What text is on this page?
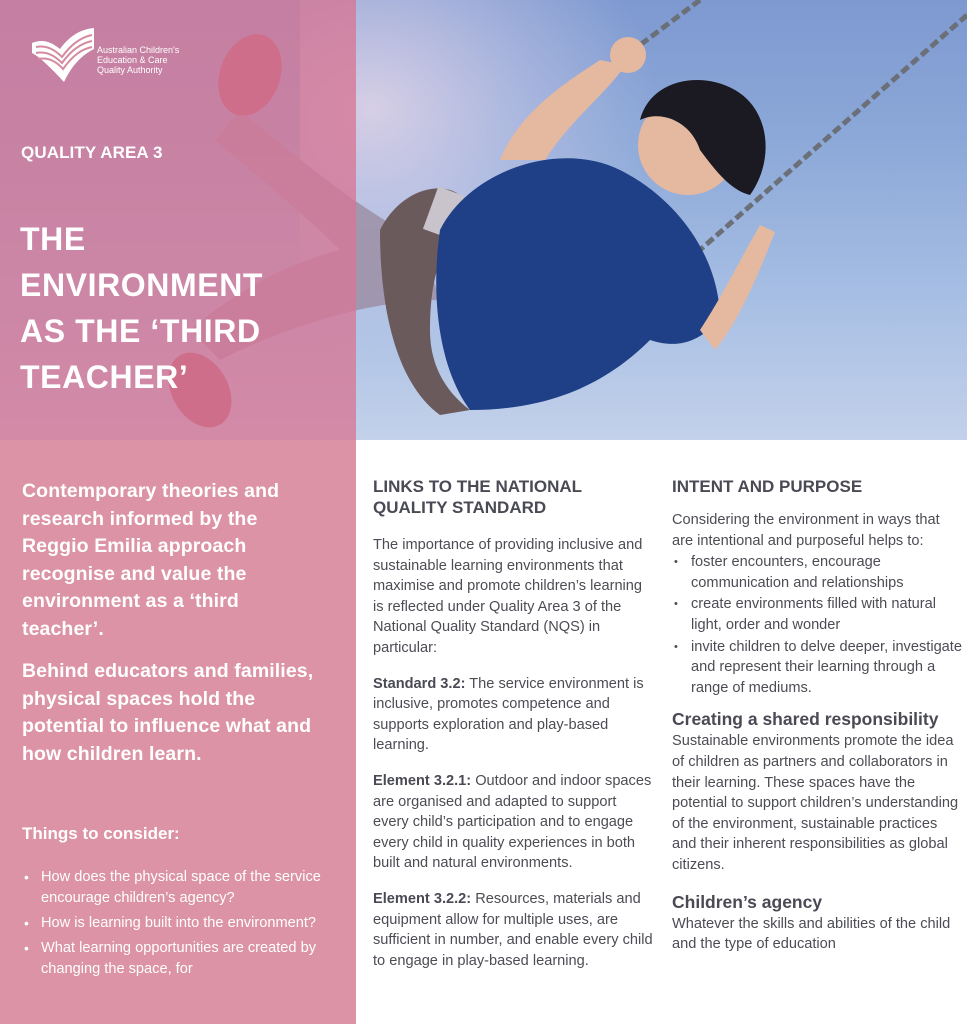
Australian Children's
Education & Care
Quality Authority
QUALITY AREA 3
THE
ENVIRONMENT
AS THE ‘THIRD
TEACHER’

Contemporary theories and research informed by the Reggio Emilia approach recognise and value the environment as a ‘third teacher’.

Behind educators and families, physical spaces hold the potential to influence what and how children learn.

Things to consider:
• How does the physical space of the service encourage children’s agency?
• How is learning built into the environment?
• What learning opportunities are created by changing the space, for
LINKS TO THE NATIONAL
QUALITY STANDARD

The importance of providing inclusive and sustainable learning environments that maximise and promote children’s learning is reflected under Quality Area 3 of the National Quality Standard (NQS) in particular:

Standard 3.2: The service environment is inclusive, promotes competence and supports exploration and play-based learning.

Element 3.2.1: Outdoor and indoor spaces are organised and adapted to support every child’s participation and to engage every child in quality experiences in both built and natural environments.

Element 3.2.2: Resources, materials and equipment allow for multiple uses, are sufficient in number, and enable every child to engage in play-based learning.

INTENT AND PURPOSE

Considering the environment in ways that are intentional and purposeful helps to:

• foster encounters, encourage communication and relationships
• create environments filled with natural light, order and wonder
• invite children to delve deeper, investigate and represent their learning through a range of mediums.
Creating a shared responsibility

Sustainable environments promote the idea of children as partners and collaborators in their learning. These spaces have the potential to support children’s understanding of the environment, sustainable practices and their inherent responsibilities as global citizens.

Children’s agency

Whatever the skills and abilities of the child and the type of education
